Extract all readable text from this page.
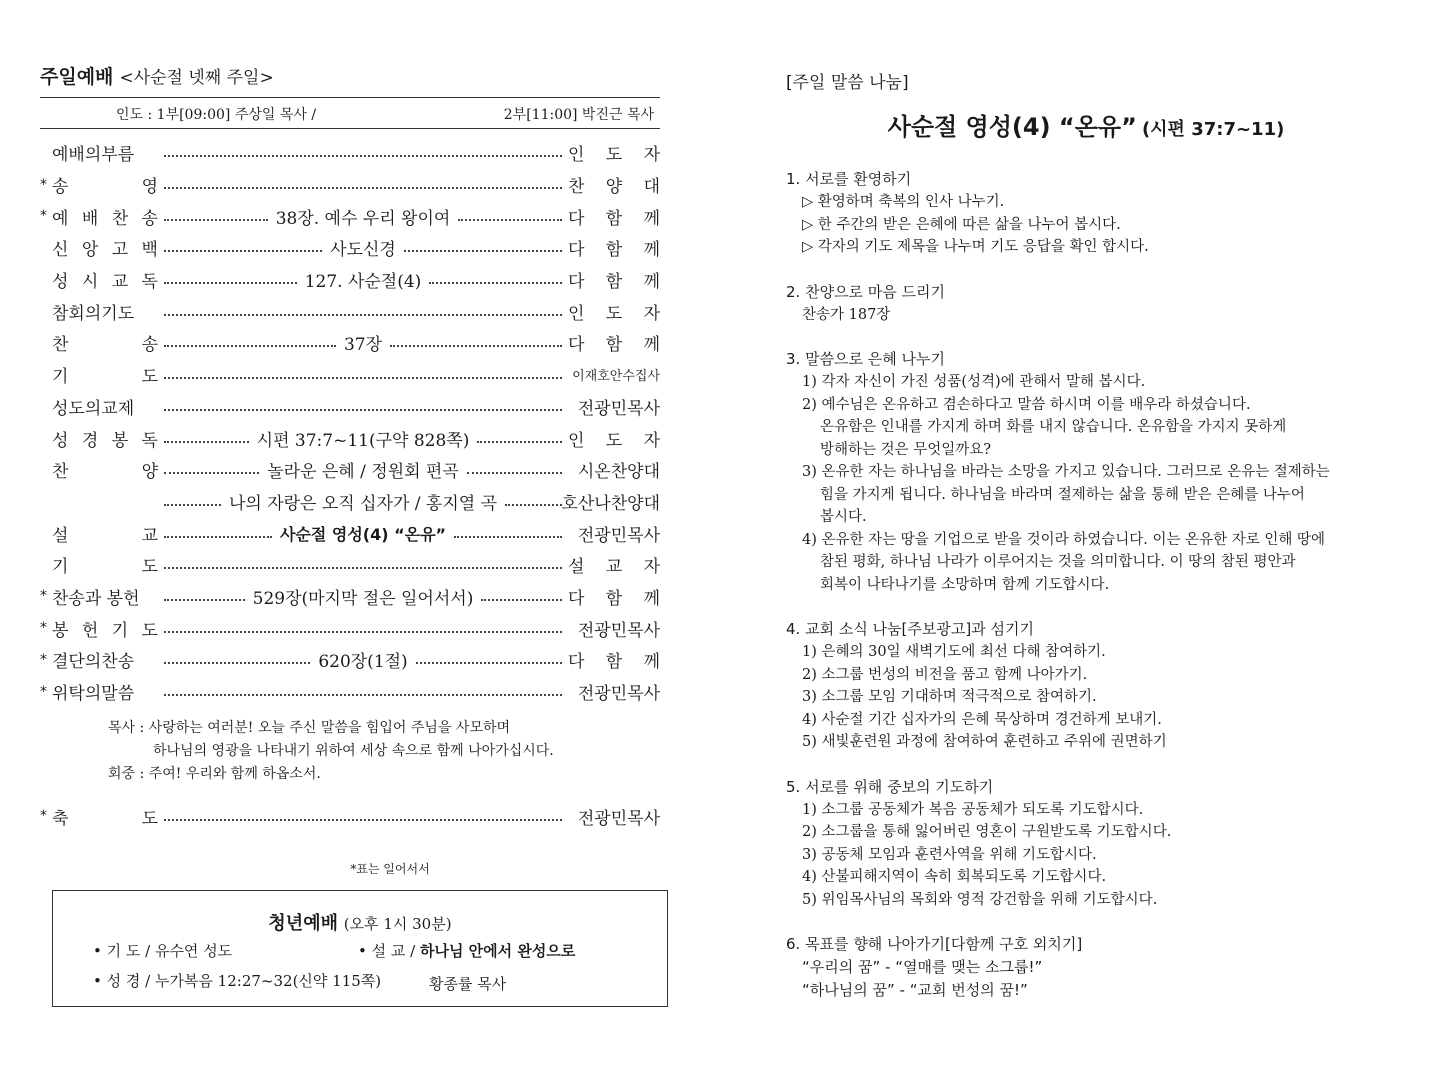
주일예배 <사순절 넷째 주일>
인도 : 1부[09:00] 주상일 목사 /	2부[11:00] 박진근 목사
예배의부름	인 도 자
* 송	영	찬 양 대
* 예 배 찬 송	38장. 예수 우리 왕이여	다 함 께
신 앙 고 백	사도신경	다 함 께
성 시 교 독	127. 사순절(4)	다 함 께
참회의기도	인 도 자
찬	송	37장	다 함 께
기	도	이재호안수집사
성도의교제	전광민목사
성 경 봉 독	시편 37:7~11(구약 828쪽)	인 도 자
찬	양	놀라운 은혜 / 정원회 편곡	시온찬양대
나의 자랑은 오직 십자가 / 홍지열 곡	호산나찬양대
설	교	사순절 영성(4) “온유”	전광민목사
기	도	설 교 자
* 찬송과 봉헌	529장(마지막 절은 일어서서)	다 함 께
* 봉 헌 기 도	전광민목사
* 결단의찬송	620장(1절)	다 함 께
* 위탁의말씀	전광민목사
목사 : 사랑하는 여러분! 오늘 주신 말씀을 힘입어 주님을 사모하며
하나님의 영광을 나타내기 위하여 세상 속으로 함께 나아가십시다.
회중 : 주여! 우리와 함께 하옵소서.
* 축	도	전광민목사
*표는 일어서서
청년예배 (오후 1시 30분)
• 기 도 / 유수연 성도	• 설 교 / 하나님 안에서 완성으로
• 성 경 / 누가복음 12:27~32(신약 115쪽)	황종률 목사
[주일 말씀 나눔]
사순절 영성(4) “온유” (시편 37:7~11)
1. 서로를 환영하기
▷ 환영하며 축복의 인사 나누기.
▷ 한 주간의 받은 은혜에 따른 삶을 나누어 봅시다.
▷ 각자의 기도 제목을 나누며 기도 응답을 확인 합시다.
2. 찬양으로 마음 드리기
찬송가 187장
3. 말씀으로 은혜 나누기
1) 각자 자신이 가진 성품(성격)에 관해서 말해 봅시다.
2) 예수님은 온유하고 겸손하다고 말씀 하시며 이를 배우라 하셨습니다.
온유함은 인내를 가지게 하며 화를 내지 않습니다. 온유함을 가지지 못하게
방해하는 것은 무엇일까요?
3) 온유한 자는 하나님을 바라는 소망을 가지고 있습니다. 그러므로 온유는 절제하는
힘을 가지게 됩니다. 하나님을 바라며 절제하는 삶을 통해 받은 은혜를 나누어
봅시다.
4) 온유한 자는 땅을 기업으로 받을 것이라 하였습니다. 이는 온유한 자로 인해 땅에
참된 평화, 하나님 나라가 이루어지는 것을 의미합니다. 이 땅의 참된 평안과
회복이 나타나기를 소망하며 함께 기도합시다.
4. 교회 소식 나눔[주보광고]과 섬기기
1) 은혜의 30일 새벽기도에 최선 다해 참여하기.
2) 소그룹 번성의 비전을 품고 함께 나아가기.
3) 소그룹 모임 기대하며 적극적으로 참여하기.
4) 사순절 기간 십자가의 은혜 묵상하며 경건하게 보내기.
5) 새빛훈련원 과정에 참여하여 훈련하고 주위에 권면하기
5. 서로를 위해 중보의 기도하기
1) 소그룹 공동체가 복음 공동체가 되도록 기도합시다.
2) 소그룹을 통해 잃어버린 영혼이 구원받도록 기도합시다.
3) 공동체 모임과 훈련사역을 위해 기도합시다.
4) 산불피해지역이 속히 회복되도록 기도합시다.
5) 위임목사님의 목회와 영적 강건함을 위해 기도합시다.
6. 목표를 향해 나아가기[다함께 구호 외치기]
“우리의 꿈” - “열매를 맺는 소그룹!”
“하나님의 꿈” - “교회 번성의 꿈!”
